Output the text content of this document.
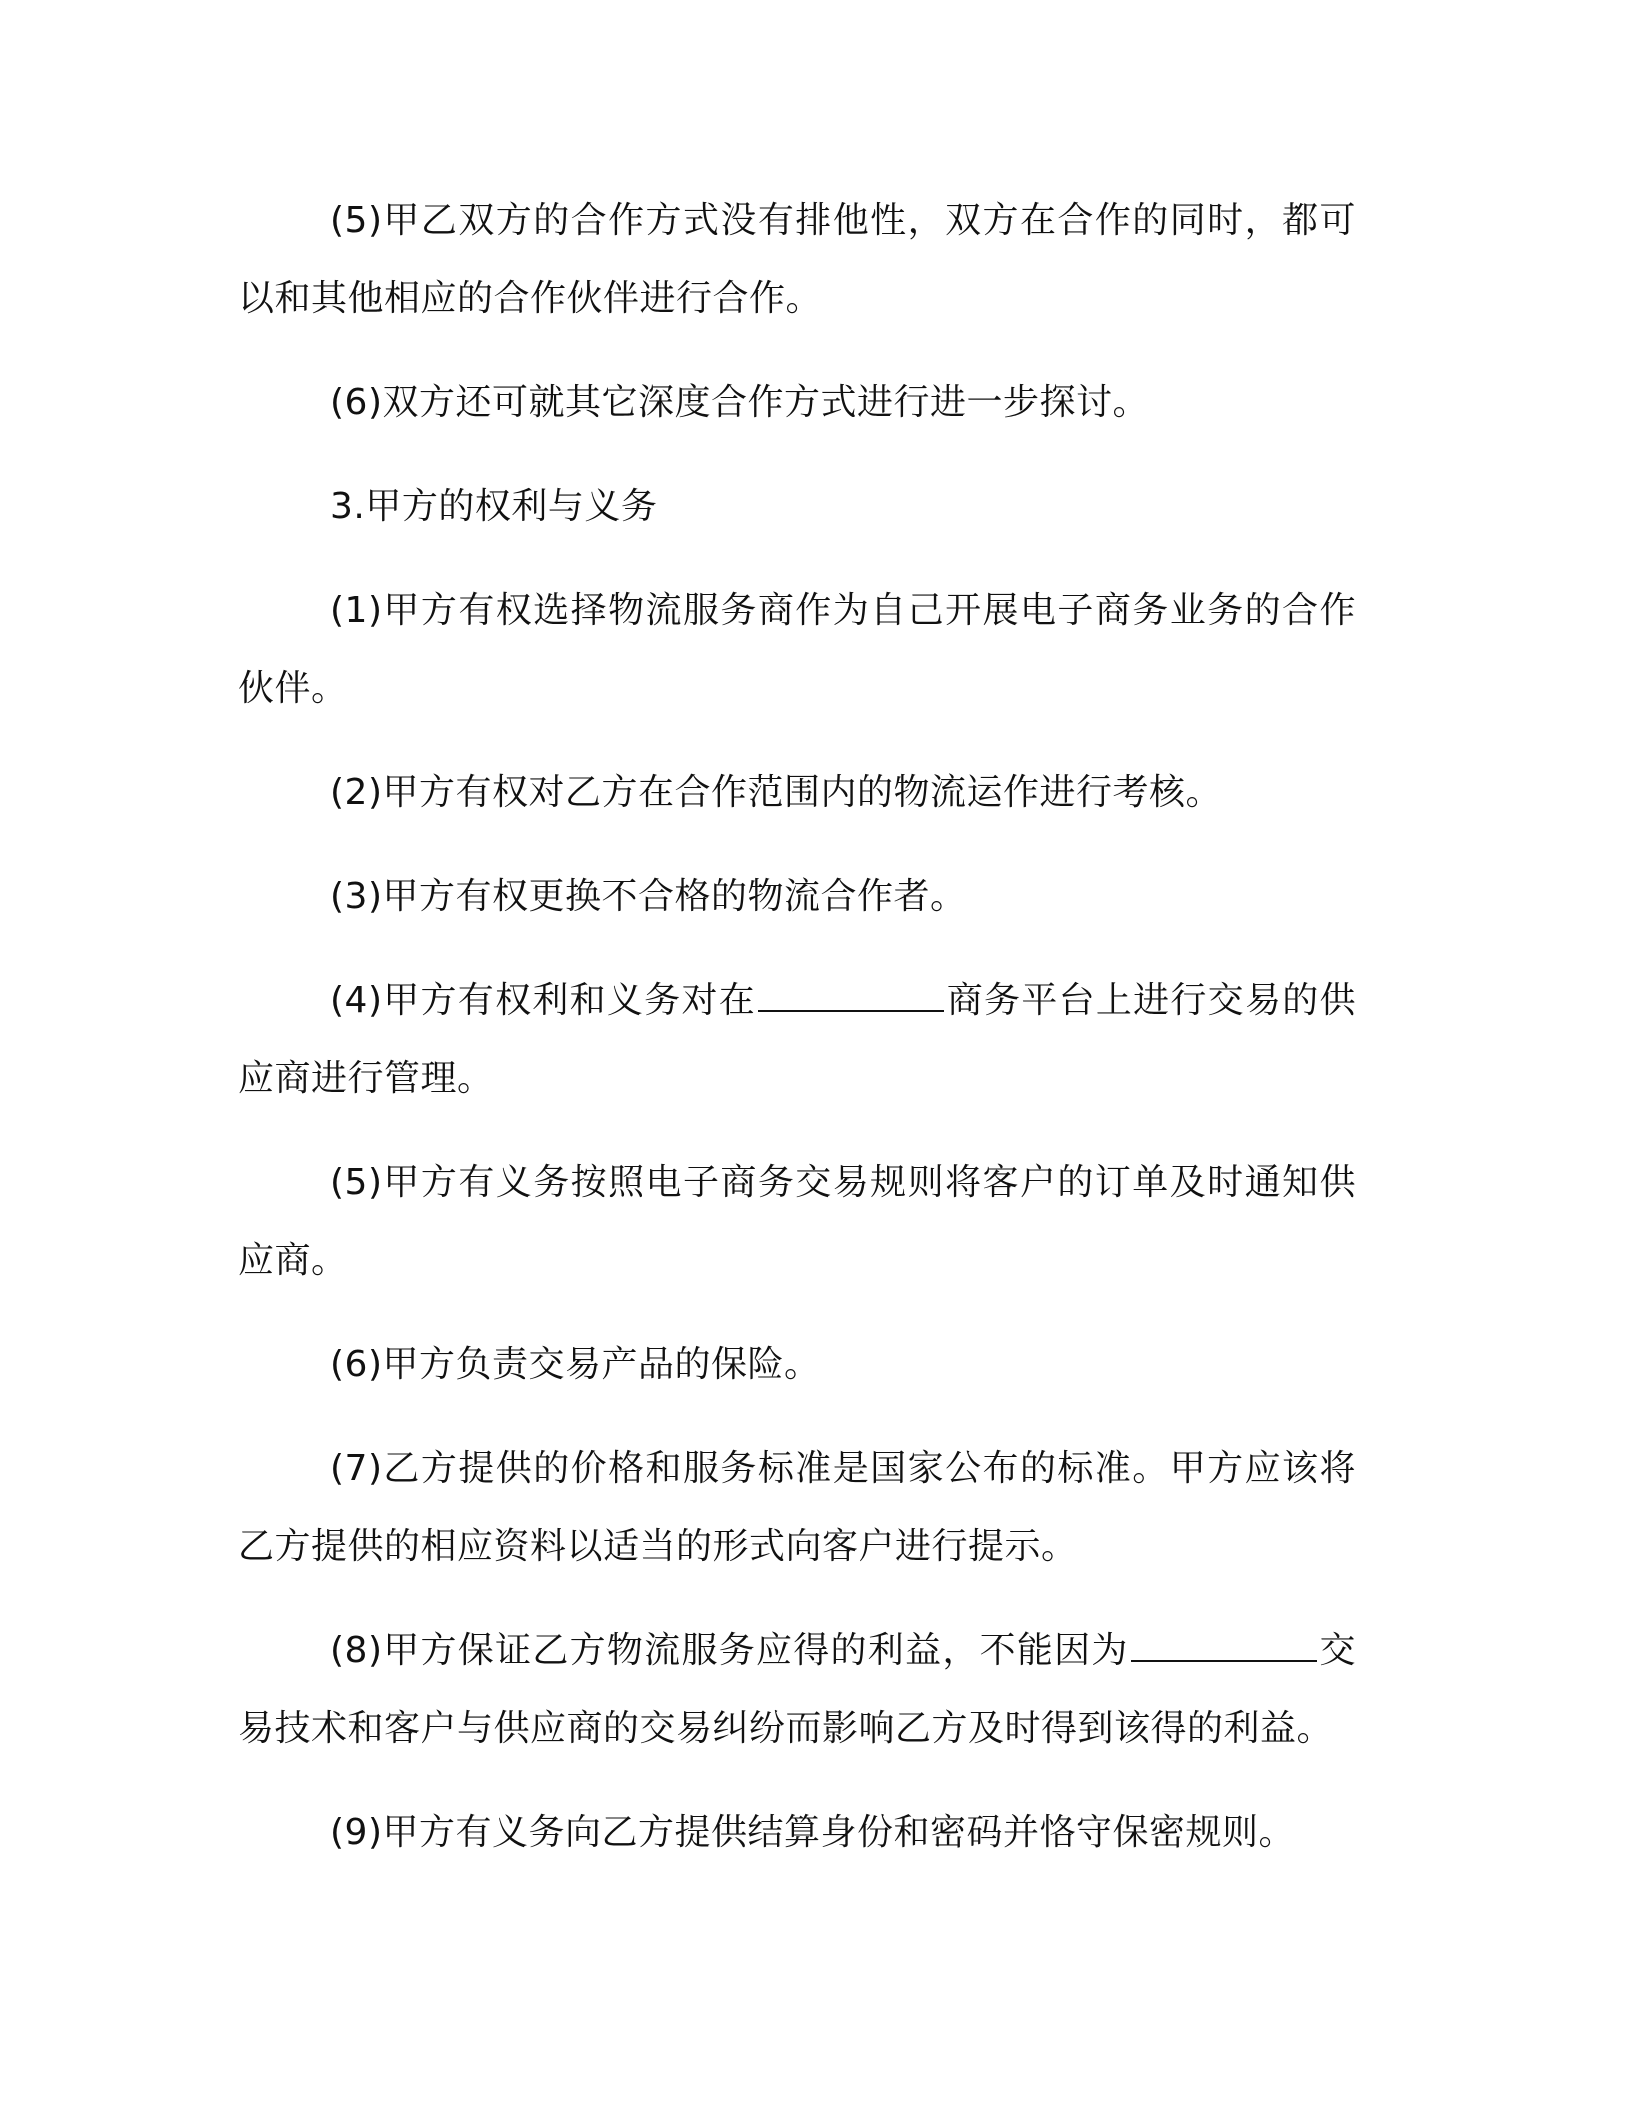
(5)甲乙双方的合作方式没有排他性，双方在合作的同时，都可以和其他相应的合作伙伴进行合作。

(6)双方还可就其它深度合作方式进行进一步探讨。

3.甲方的权利与义务

(1)甲方有权选择物流服务商作为自己开展电子商务业务的合作伙伴。

(2)甲方有权对乙方在合作范围内的物流运作进行考核。

(3)甲方有权更换不合格的物流合作者。

(4)甲方有权利和义务对在	商务平台上进行交易的供应商进行管理。

(5)甲方有义务按照电子商务交易规则将客户的订单及时通知供应商。

(6)甲方负责交易产品的保险。

(7)乙方提供的价格和服务标准是国家公布的标准。甲方应该将乙方提供的相应资料以适当的形式向客户进行提示。

(8)甲方保证乙方物流服务应得的利益，不能因为	交易技术和客户与供应商的交易纠纷而影响乙方及时得到该得的利益。

(9)甲方有义务向乙方提供结算身份和密码并恪守保密规则。
